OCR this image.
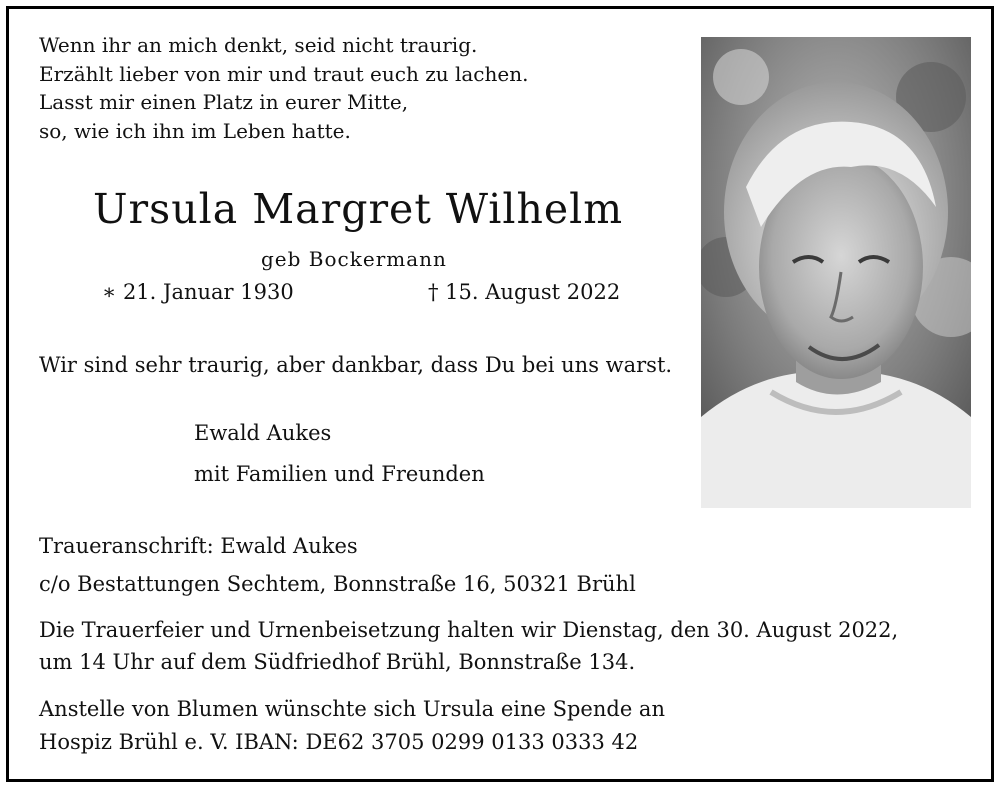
Wenn ihr an mich denkt, seid nicht traurig.
Erzählt lieber von mir und traut euch zu lachen.
Lasst mir einen Platz in eurer Mitte,
so, wie ich ihn im Leben hatte.
Ursula Margret Wilhelm
geb Bockermann
∗ 21. Januar 1930	† 15. August 2022
Wir sind sehr traurig, aber dankbar, dass Du bei uns warst.
Ewald Aukes
mit Familien und Freunden
Traueranschrift: Ewald Aukes
c/o Bestattungen Sechtem, Bonnstraße 16, 50321 Brühl
Die Trauerfeier und Urnenbeisetzung halten wir Dienstag, den 30. August 2022,
um 14 Uhr auf dem Südfriedhof Brühl, Bonnstraße 134.
Anstelle von Blumen wünschte sich Ursula eine Spende an
Hospiz Brühl e. V. IBAN: DE62 3705 0299 0133 0333 42
